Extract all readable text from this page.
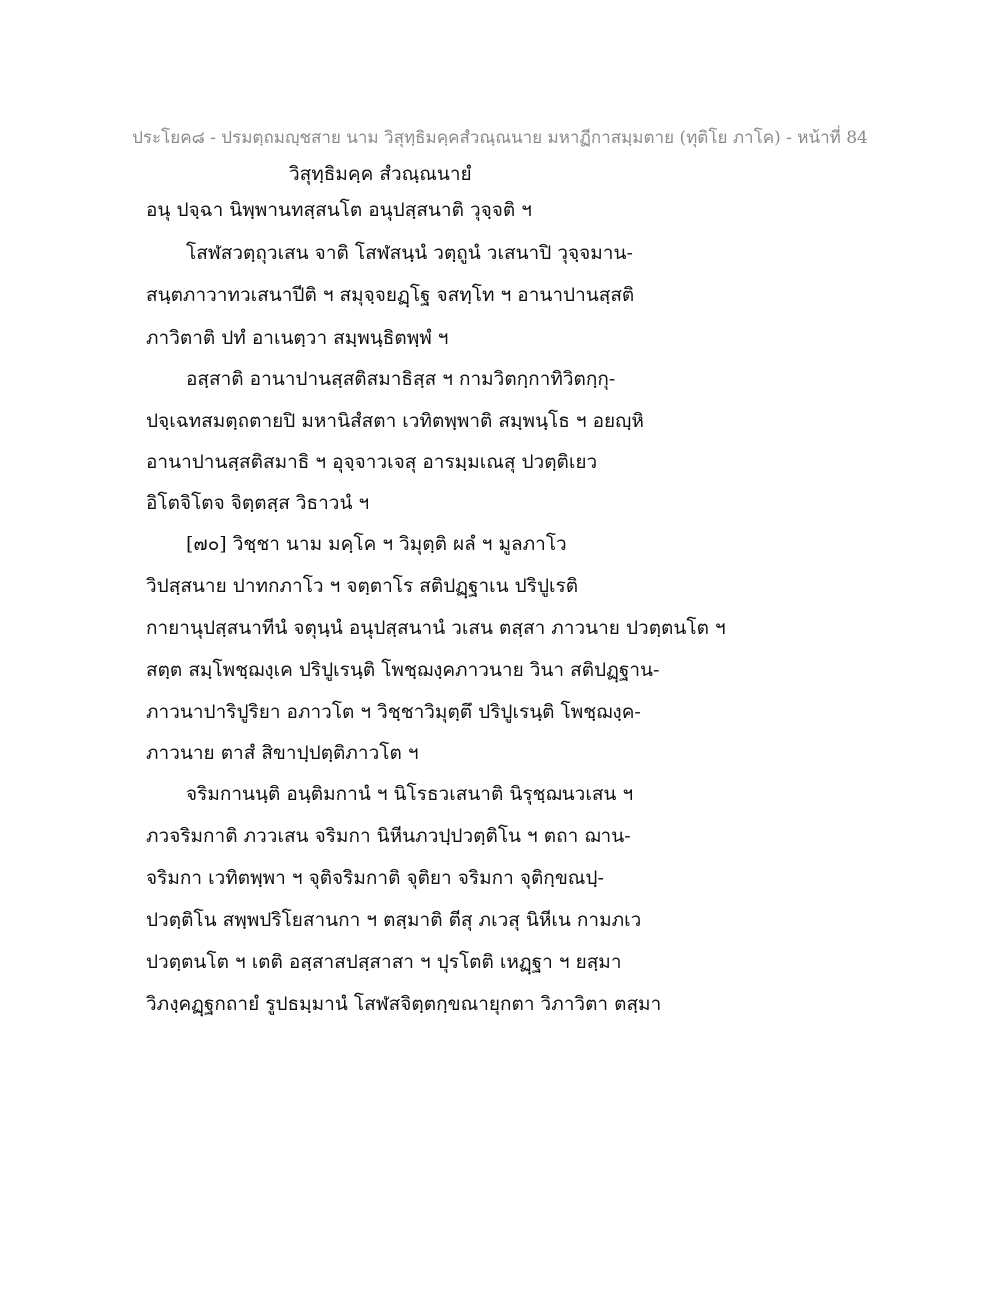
ประโยค๘ - ปรมตฺถมญฺชสาย นาม วิสุทฺธิมคฺคสํวณฺณนาย มหาฏีกาสมฺมตาย (ทุติโย ภาโค) - หน้าที่ 84
วิสุทฺธิมคฺค สํวณฺณนายํ
อนุ ปจฺฉา นิพฺพานทสฺสนโต อนุปสฺสนาติ วุจฺจติ ฯ
โสฬสวตฺถุวเสน จาติ โสฬสนฺนํ วตฺถูนํ วเสนาปิ วุจฺจมาน-
สนฺตภาวาทวเสนาปีติ ฯ สมุจฺจยฏฺโฐ จสทฺโท ฯ อานาปานสฺสติ
ภาวิตาติ ปทํ อาเนตฺวา สมฺพนฺธิตพฺพํ ฯ
อสฺสาติ อานาปานสฺสติสมาธิสฺส ฯ กามวิตกฺกาทิวิตกฺกุ-
ปจฺเฉทสมตฺถตายปิ มหานิสํสตา เวทิตพฺพาติ สมฺพนฺโธ ฯ อยญฺหิ
อานาปานสฺสติสมาธิ ฯ อุจฺจาวเจสุ อารมฺมเณสุ ปวตฺติเยว
อิโตจิโตจ จิตฺตสฺส วิธาวนํ ฯ
[๗๐] วิชฺชา นาม มคฺโค ฯ วิมุตฺติ ผลํ ฯ มูลภาโว
วิปสฺสนาย ปาทกภาโว ฯ จตฺตาโร สติปฏฺฐาเน ปริปูเรติ
กายานุปสฺสนาทีนํ จตุนฺนํ อนุปสฺสนานํ วเสน ตสฺสา ภาวนาย ปวตฺตนโต ฯ
สตฺต สมฺโพชฺฌงฺเค ปริปูเรนฺติ โพชฺฌงฺคภาวนาย วินา สติปฏฺฐาน-
ภาวนาปาริปูริยา อภาวโต ฯ วิชฺชาวิมุตฺตึ ปริปูเรนฺติ โพชฺฌงฺค-
ภาวนาย ตาสํ สิขาปฺปตฺติภาวโต ฯ
จริมกานนฺติ อนฺติมกานํ ฯ นิโรธวเสนาติ นิรุชฺฌนวเสน ฯ
ภวจริมกาติ ภววเสน จริมกา นิหีนภวปฺปวตฺติโน ฯ ตถา ฌาน-
จริมกา เวทิตพฺพา ฯ จุติจริมกาติ จุติยา จริมกา จุติกฺขณปฺ-
ปวตฺติโน สพฺพปริโยสานกา ฯ ตสฺมาติ ตีสุ ภเวสุ นิหีเน กามภเว
ปวตฺตนโต ฯ เตติ อสฺสาสปสฺสาสา ฯ ปุรโตติ เหฏฺฐา ฯ ยสฺมา
วิภงฺคฏฺฐกถายํ รูปธมฺมานํ โสฬสจิตฺตกฺขณายุกตา วิภาวิตา ตสฺมา
